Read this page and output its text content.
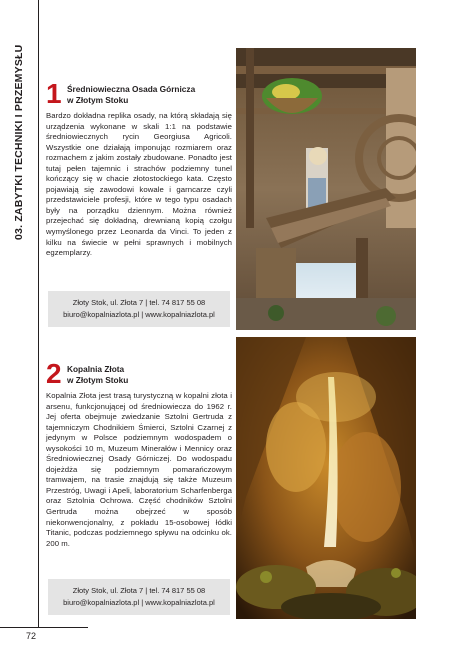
03. ZABYTKI TECHNIKI I PRZEMYSŁU 1 Średniowieczna Osada Górnicza
w Złotym Stoku

Bardzo dokładna replika osady, na którą składają się urządzenia wykonane w skali 1:1 na podstawie średniowiecznych rycin Georgiusa Agricoli. Wszystkie one działają imponując rozmiarem oraz rozmachem z jakim zostały zbudowane. Ponadto jest tutaj pełen tajemnic i strachów podziemny tunel kończący się w chacie złotostockiego kata. Często pojawiają się zawodowi kowale i garncarze czyli przedstawiciele profesji, które w tego typu osadach były na porządku dziennym. Można również przejechać się dokładną, drewnianą kopią czołgu wymyślonego przez Leonarda da Vinci. To jeden z kilku na świecie w pełni sprawnych i mobilnych egzemplarzy.

Złoty Stok, ul. Złota 7 | tel. 74 817 55 08
biuro@kopalniazlota.pl | www.kopalniazlota.pl
2 Kopalnia Złota
w Złotym Stoku

Kopalnia Złota jest trasą turystyczną w kopalni złota i arsenu, funkcjonującej od średniowiecza do 1962 r. Jej oferta obejmuje zwiedzanie Sztolni Gertruda z tajemniczym Chodnikiem Śmierci, Sztolni Czarnej z jedynym w Polsce podziemnym wodospadem o wysokości 10 m, Muzeum Minerałów i Mennicy oraz Średniowiecznej Osady Górniczej. Do wodospadu dojeżdża się podziemnym pomarańczowym tramwajem, na trasie znajdują się także Muzeum Przestróg, Uwagi i Apeli, laboratorium Scharfenberga oraz Sztolnia Ochrowa. Część chodników Sztolni Gertruda można obejrzeć w sposób niekonwencjonalny, z pokładu 15-osobowej łódki Titanic, podczas podziemnego spływu na odcinku ok. 200 m.

Złoty Stok, ul. Złota 7 | tel. 74 817 55 08
biuro@kopalniazlota.pl | www.kopalniazlota.pl
72
